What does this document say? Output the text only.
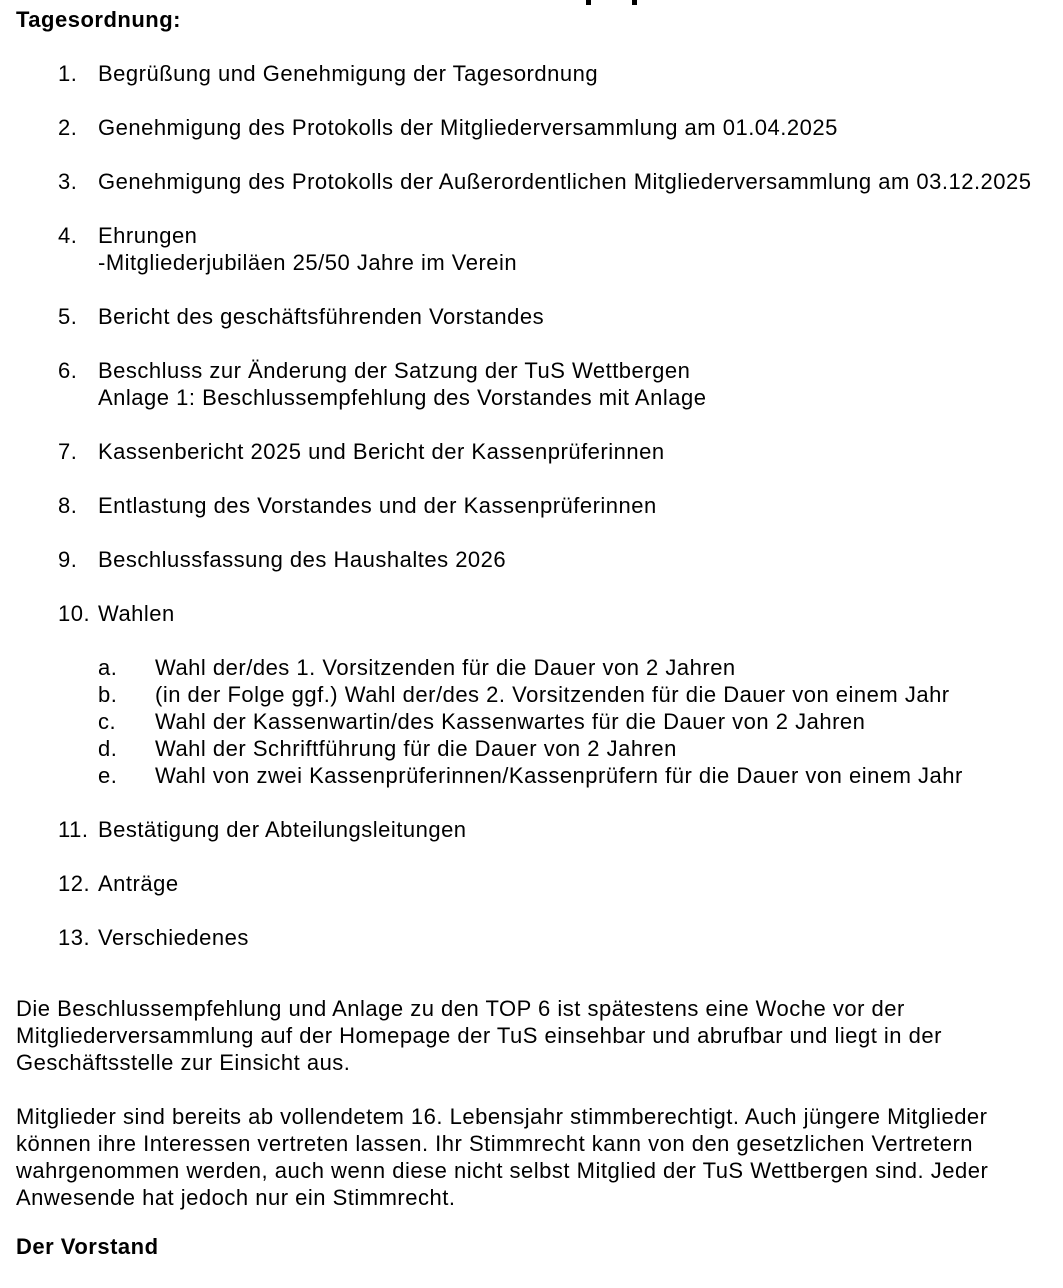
Tagesordnung:
1. Begrüßung und Genehmigung der Tagesordnung
2. Genehmigung des Protokolls der Mitgliederversammlung am 01.04.2025
3. Genehmigung des Protokolls der Außerordentlichen Mitgliederversammlung am 03.12.2025
4. Ehrungen
-Mitgliederjubiläen 25/50 Jahre im Verein
5. Bericht des geschäftsführenden Vorstandes
6. Beschluss zur Änderung der Satzung der TuS Wettbergen
Anlage 1: Beschlussempfehlung des Vorstandes mit Anlage
7. Kassenbericht 2025 und Bericht der Kassenprüferinnen
8. Entlastung des Vorstandes und der Kassenprüferinnen
9. Beschlussfassung des Haushaltes 2026
10. Wahlen
a.	Wahl der/des 1. Vorsitzenden für die Dauer von 2 Jahren
b.	(in der Folge ggf.) Wahl der/des 2. Vorsitzenden für die Dauer von einem Jahr
c.	Wahl der Kassenwartin/des Kassenwartes für die Dauer von 2 Jahren
d.	Wahl der Schriftführung für die Dauer von 2 Jahren
e.	Wahl von zwei Kassenprüferinnen/Kassenprüfern für die Dauer von einem Jahr
11. Bestätigung der Abteilungsleitungen
12. Anträge
13. Verschiedenes
Die Beschlussempfehlung und Anlage zu den TOP 6 ist spätestens eine Woche vor der
Mitgliederversammlung auf der Homepage der TuS einsehbar und abrufbar und liegt in der
Geschäftsstelle zur Einsicht aus.
Mitglieder sind bereits ab vollendetem 16. Lebensjahr stimmberechtigt. Auch jüngere Mitglieder
können ihre Interessen vertreten lassen. Ihr Stimmrecht kann von den gesetzlichen Vertretern
wahrgenommen werden, auch wenn diese nicht selbst Mitglied der TuS Wettbergen sind. Jeder
Anwesende hat jedoch nur ein Stimmrecht.
Der Vorstand
